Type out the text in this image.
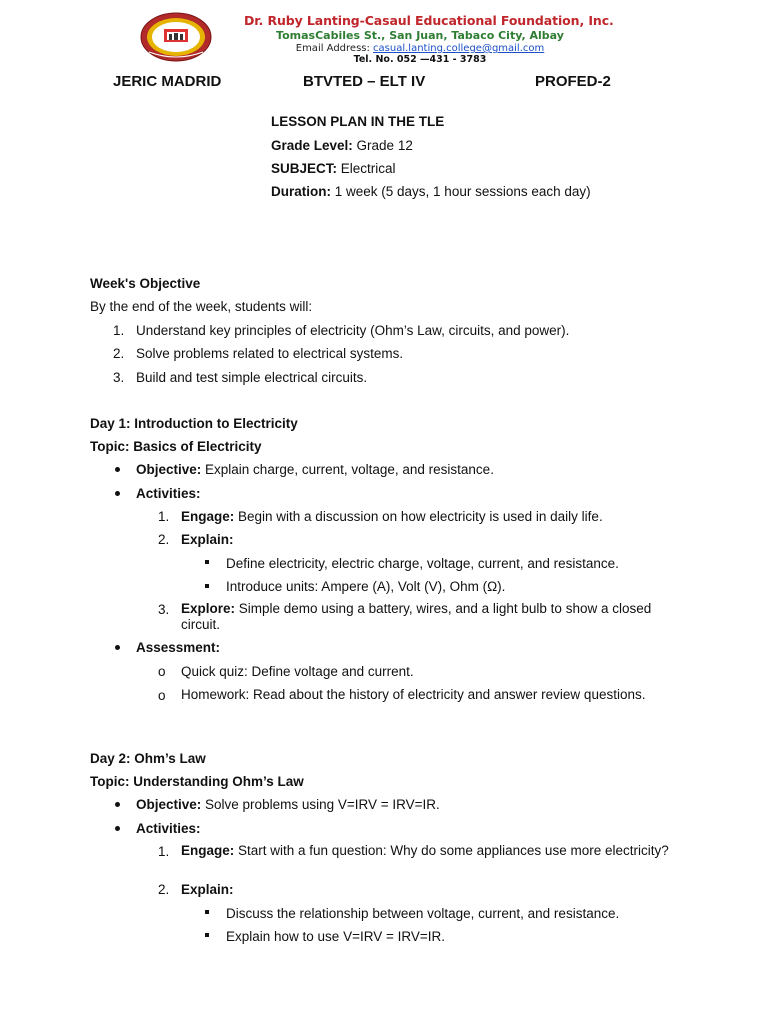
Dr. Ruby Lanting-Casaul Educational Foundation, Inc.
TomasCabiles St., San Juan, Tabaco City, Albay
Email Address: casual.lanting.college@gmail.com
Tel. No. 052 —431 - 3783
JERIC MADRID	BTVTED – ELT IV	PROFED-2
LESSON PLAN IN THE TLE
Grade Level: Grade 12
SUBJECT: Electrical
Duration: 1 week (5 days, 1 hour sessions each day)
Week's Objective
By the end of the week, students will:
1. Understand key principles of electricity (Ohm’s Law, circuits, and power).
2. Solve problems related to electrical systems.
3. Build and test simple electrical circuits.
Day 1: Introduction to Electricity
Topic: Basics of Electricity
Objective: Explain charge, current, voltage, and resistance.
Activities:
1. Engage: Begin with a discussion on how electricity is used in daily life.
2. Explain:
Define electricity, electric charge, voltage, current, and resistance.
Introduce units: Ampere (A), Volt (V), Ohm (Ω).
3. Explore: Simple demo using a battery, wires, and a light bulb to show a closed circuit.
Assessment:
o Quick quiz: Define voltage and current.
o Homework: Read about the history of electricity and answer review questions.
Day 2: Ohm’s Law
Topic: Understanding Ohm’s Law
Objective: Solve problems using V=IRV = IRV=IR.
Activities:
1. Engage: Start with a fun question: Why do some appliances use more electricity?
2. Explain:
Discuss the relationship between voltage, current, and resistance.
Explain how to use V=IRV = IRV=IR.
